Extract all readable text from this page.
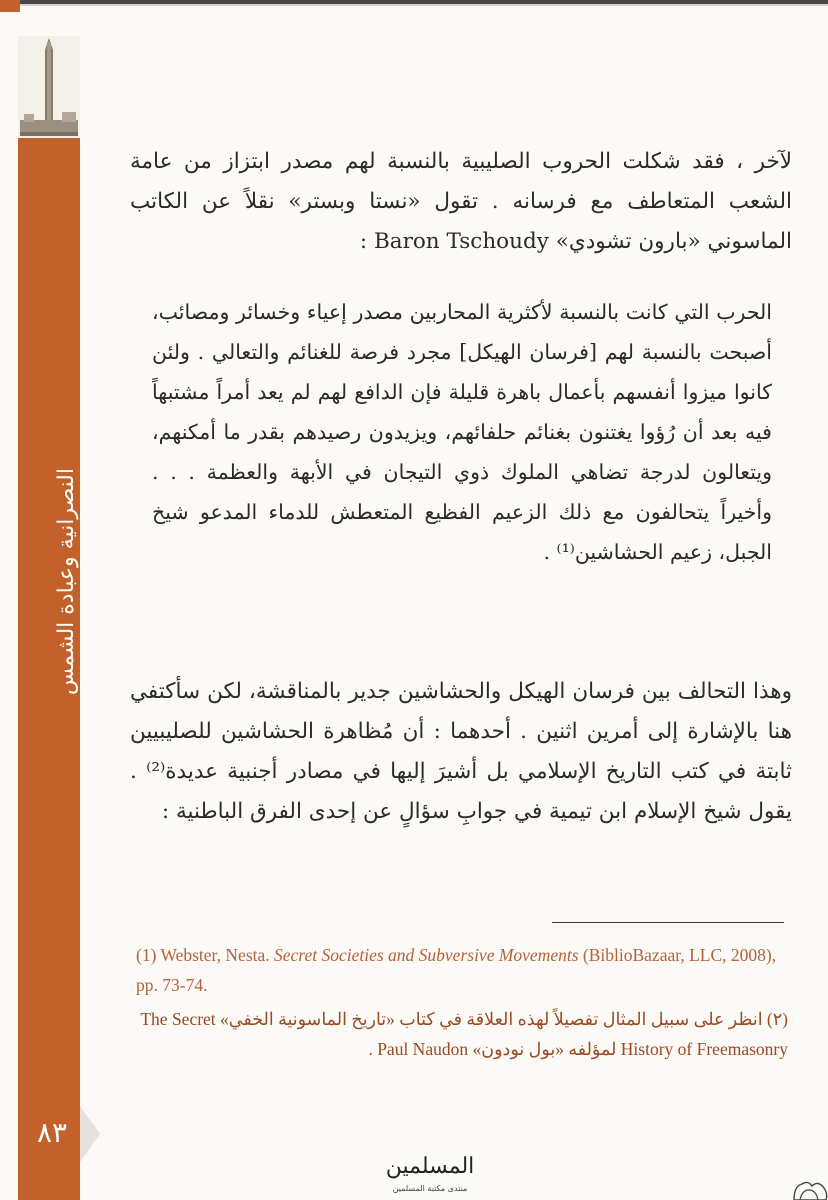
النصرانية وعبادة الشمس
٨٣
لآخر ، فقد شكلت الحروب الصليبية بالنسبة لهم مصدر ابتزاز من عامة الشعب المتعاطف مع فرسانه . تقول «نستا وبستر» نقلاً عن الكاتب الماسوني «بارون تشودي» Baron Tschoudy :
الحرب التي كانت بالنسبة لأكثرية المحاربين مصدر إعياء وخسائر ومصائب، أصبحت بالنسبة لهم [فرسان الهيكل] مجرد فرصة للغنائم والتعالي . ولئن كانوا ميزوا أنفسهم بأعمال باهرة قليلة فإن الدافع لهم لم يعد أمراً مشتبهاً فيه بعد أن رُؤوا يغتنون بغنائم حلفائهم، ويزيدون رصيدهم بقدر ما أمكنهم، ويتعالون لدرجة تضاهي الملوك ذوي التيجان في الأبهة والعظمة . . . وأخيراً يتحالفون مع ذلك الزعيم الفظيع المتعطش للدماء المدعو شيخ الجبل، زعيم الحشاشين⁽¹⁾ .
وهذا التحالف بين فرسان الهيكل والحشاشين جدير بالمناقشة، لكن سأكتفي هنا بالإشارة إلى أمرين اثنين . أحدهما : أن مُظاهرة الحشاشين للصليبيين ثابتة في كتب التاريخ الإسلامي بل أشيرَ إليها في مصادر أجنبية عديدة⁽²⁾ . يقول شيخ الإسلام ابن تيمية في جوابِ سؤالٍ عن إحدى الفرق الباطنية :
(1) Webster, Nesta. Secret Societies and Subversive Movements (BiblioBazaar, LLC, 2008), pp. 73-74.
(٢) انظر على سبيل المثال تفصيلاً لهذه العلاقة في كتاب «تاريخ الماسونية الخفي» The Secret History of Freemasonry لمؤلفه «بول نودون» Paul Naudon .
المسلمين
منتدى مكتبة المسلمين
